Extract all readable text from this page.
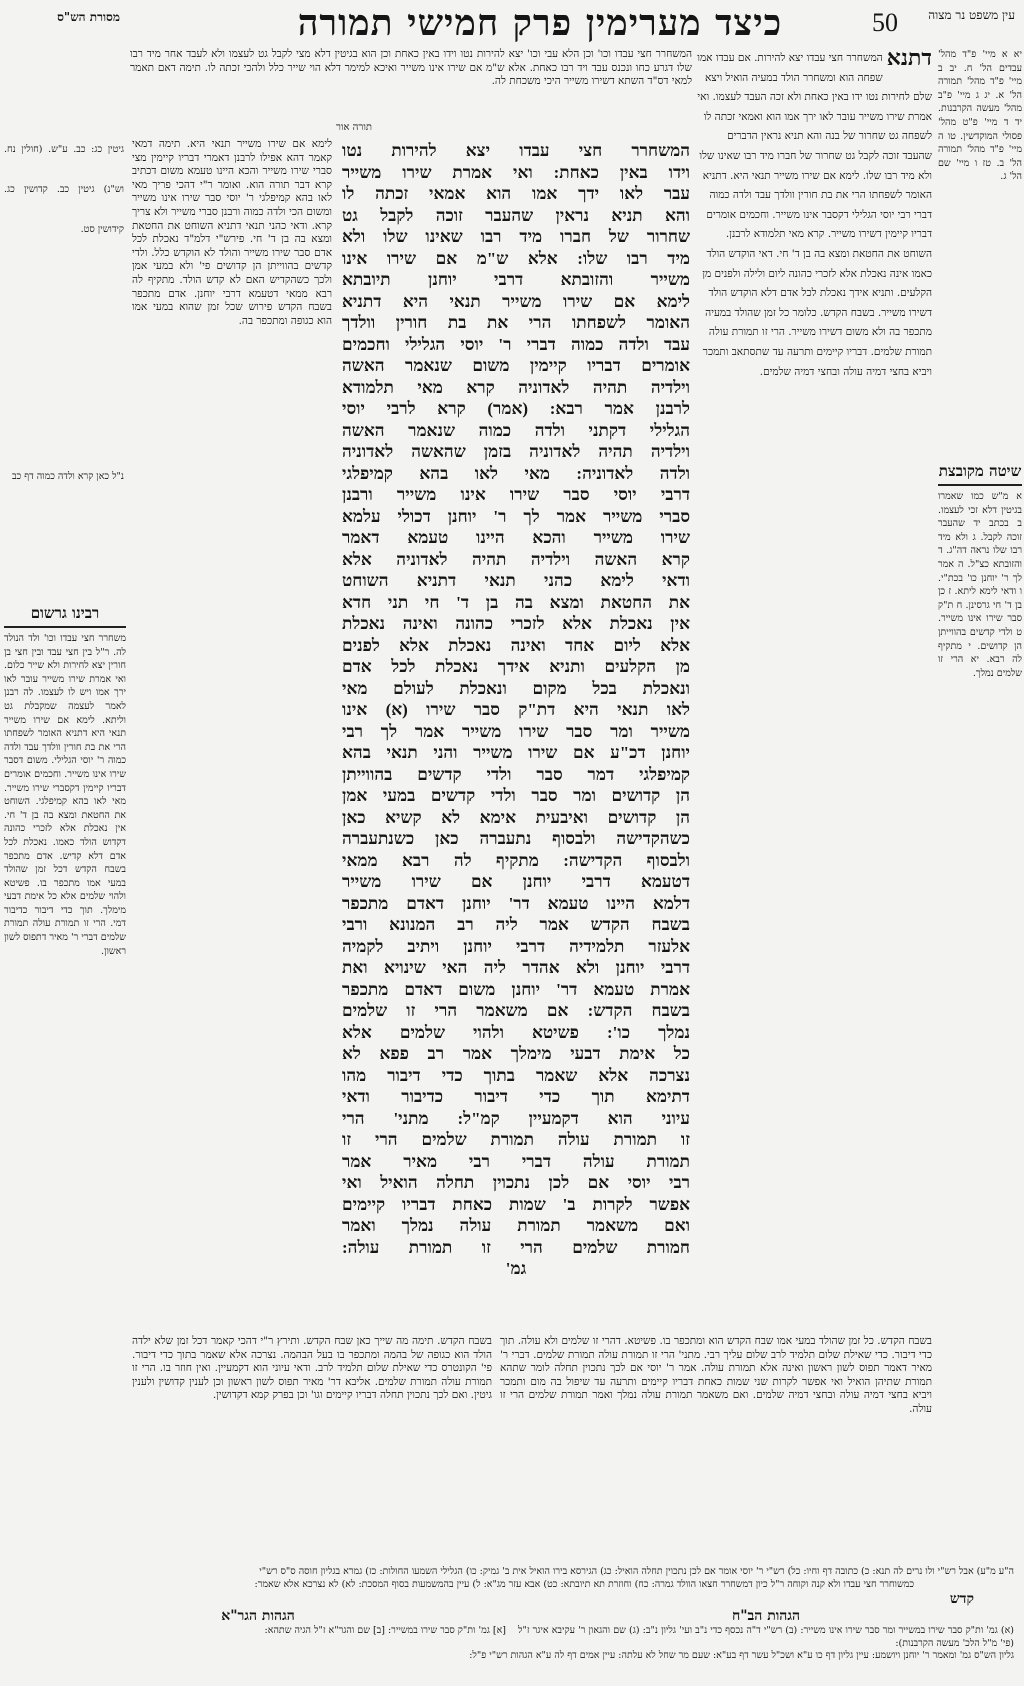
מסורת הש"ס	כיצד מערימין פרק חמישי תמורה	50	עין משפט נר מצוה
המשחרר חצי עבדו וכו' וכן הלא עבי וכו' יצא להירות נטו וידו באין כאחת וכן הוא בגיטין דלא מצי לקבל גט לעצמו ולא לעבד אחר מיד רבו שלו דגרע כחו ונכנס עבד ויד רבו כאחת. אלא ש"מ אם שירו אינו משייר ואיכא למימר דלא הוי שייר כלל ולהכי זכתה לו. תימה דאם תאמר למאי דס"ד השתא דשירו משייר היכי משכחת לה.
תורה אור
לימא אם שירו משייר תנאי היא. תימה דמאי קאמר דהא אפילו לרבנן דאמרי דבריו קיימין מצי סברי שירו משייר והכא היינו טעמא משום דכתיב קרא דבר תורה הוא. ואומר ר"י דהכי פריך מאי לאו בהא קמיפלגי ר' יוסי סבר שירו אינו משייר ומשום הכי ולדה כמוה ורבנן סברי משייר ולא צריך קרא. ודאי כהני תנאי דתניא השוחט את החטאת ומצא בה בן ד' חי. פירש"י דלמ"ד נאכלת לכל אדם סבר שירו משייר והולד לא הוקדש כלל. ולדי קדשים בהווייתן הן קדושים פי' ולא במעי אמן ולכך כשהקדיש האם לא קדש הולד. מתקיף לה רבא ממאי דטעמא דרבי יוחנן. אדם מתכפר בשבח הקדש פירוש שכל זמן שהוא במעי אמו הוא כגופה ומתכפר בה.
המשחרר חצי עבדו יצא להירות נטו
וידו באין כאחת: ואי אמרת שירו משייר
עבר לאו ידך אמו הוא אמאי זכתה לו
והא תניא נראין שהעבר זוכה לקבל גט
שחרור של חברו מיד רבו שאינו שלו ולא
מיד רבו שלו: אלא ש"מ אם שירו אינו
משייר והזובתא דרבי יוחנן תיובתא
לימא אם שירו משייר תנאי היא דתניא
האומר לשפחתו הרי את בת חורין וולדך
עבד ולדה כמוה דברי ר' יוסי הגלילי וחכמים
אומרים דבריו קיימין משום שנאמר האשה
וילדיה תהיה לאדוניה קרא מאי תלמודא
לרבנן אמר רבא: (אמר) קרא לרבי יוסי
הגלילי דקתני ולדה כמוה שנאמר האשה
וילדיה תהיה לאדוניה בזמן שהאשה לאדוניה
ולדה לאדוניה: מאי לאו בהא קמיפלגי
דרבי יוסי סבר שירו אינו משייר ורבנן
סברי משייר אמר לך ר' יוחנן דכולי עלמא
שירו משייר והכא היינו טעמא דאמר
קרא האשה וילדיה תהיה לאדוניה אלא
ודאי לימא כהני תנאי דתניא השוחט
את החטאת ומצא בה בן ד' חי תני חדא
אין נאכלת אלא לזכרי כהונה ואינה נאכלת
אלא ליום אחד ואינה נאכלת אלא לפנים
מן הקלעים ותניא אידך נאכלת לכל אדם
ונאכלת בכל מקום ונאכלת לעולם מאי
לאו תנאי היא דת"ק סבר שירו (א) אינו
משייר ומר סבר שירו משייר אמר לך רבי
יוחנן דכ"ע אם שירו משייר והני תנאי בהא
קמיפלגי דמר סבר ולדי קדשים בהווייתן
הן קדושים ומר סבר ולדי קדשים במעי אמן
הן קדושים ואיבעית אימא לא קשיא כאן
כשהקדישה ולבסוף נתעברה כאן כשנתעברה
ולבסוף הקדישה: מתקיף לה רבא ממאי
דטעמא דרבי יוחנן אם שירו משייר
דלמא היינו טעמא דר' יוחנן דאדם מתכפר
בשבח הקדש אמר ליה רב המנונא ורבי
אלעזר תלמידיה דרבי יוחנן ויתיב לקמיה
דרבי יוחנן ולא אהדר ליה האי שינויא ואת
אמרת טעמא דר' יוחנן משום דאדם מתכפר
בשבח הקדש: אם משאמר הרי זו שלמים
נמלך כו': פשיטא ולהוי שלמים אלא
כל אימת דבעי מימלך אמר רב פפא לא
נצרכה אלא שאמר בתוך כדי דיבור מהו
דתימא תוך כדי דיבור כדיבור ודאי
עיוני הוא דקמעיין קמ"ל: מתני' הרי
זו תמורת עולה תמורת שלמים הרי זו
תמורת עולה דברי רבי מאיר אמר
רבי יוסי אם לכן נתכוין תחלה הואיל ואי
אפשר לקרות ב' שמות כאחת דבריו קיימים
ואם משאמר תמורת עולה נמלך ואמר
חמורת שלמים הרי זו תמורת עולה:
גמ'
דתנא
המשחרר חצי עבדו יצא להירות. אם עבדו אמו שפחה הוא ומשחרר הולד במעיה הואיל ויצא שלם לחירות נטו ידו באין כאחת ולא זכה העבד לעצמו. ואי אמרת שירו משייר עובר לאו ירך אמו הוא ואמאי זכתה לו לשפחה גט שחרור של בנה והא תניא נראין הדברים שהעבד זוכה לקבל גט שחרור של חברו מיד רבו שאינו שלו ולא מיד רבו שלו. לימא אם שירו משייר תנאי היא. דתניא האומר לשפחתו הרי את בת חורין וולדך עבד ולדה כמוה דברי רבי יוסי הגלילי דקסבר אינו משייר. וחכמים אומרים דבריו קיימין דשירו משייר. קרא מאי תלמודא לרבנן. השוחט את החטאת ומצא בה בן ד' חי. דאי הוקדש הולד כאמו אינה נאכלת אלא לזכרי כהונה ליום ולילה ולפנים מן הקלעים. ותניא אידך נאכלת לכל אדם דלא הוקדש הולד דשירו משייר. בשבח הקדש. כלומר כל זמן שהולד במעיה מתכפר בה ולא משום דשירו משייר. הרי זו תמורת עולה תמורת שלמים. דבריו קיימים ותרעה עד שתסתאב ותמכר ויביא בחצי דמיה עולה ובחצי דמיה שלמים.
יא א מיי' פ"ד מהל' עבדים הל' ח. יב ב מיי' פ"ד מהל' תמורה הל' א. יג ג מיי' פ"ב מהל' מעשה הקרבנות. יד ד מיי' פ"ט מהל' פסולי המוקדשין. טו ה מיי' פ"ד מהל' תמורה הל' ב. טז ו מיי' שם הל' ג.
שיטה מקובצת
א מ"ש כמו שאמרו בגיטין דלא זכי לעצמו. ב בכתב יד שהעבר זוכה לקבל. ג ולא מיד רבו שלו נראה דה"ג. ד והזובתא כצ"ל. ה אמר לך ר' יוחנן כו' בכת"י. ו ודאי לימא ליתא. ז כן בן ד' חי גרסינן. ח ת"ק סבר שירו אינו משייר. ט ולדי קדשים בהווייתן הן קדושים. י מתקיף לה רבא. יא הרי זו שלמים נמלך.
גיטין כג: כב. ע"ש. (חולין נח. וש"נ) גיטין כב. קדושין כג. קידושין סט.
נ"ל כאן קרא ולדה כמוה דף כב
רבינו גרשום
משחרר חצי עבדו וכו' ולד הנולד לה. ר"ל בין חצי עבד ובין חצי בן חורין יצא לחירות ולא שייר כלום. ואי אמרת שירו משייר עובר לאו ירך אמו ויש לו לעצמו. לה רבנן לאמר לעצמה שמקבלת גט וליתא. לימא אם שירו משייר תנאי היא דתניא האומר לשפחתו הרי את בת חורין וולדך עבד ולדה כמוה ר' יוסי הגלילי. משום דסבר שירו אינו משייר. וחכמים אומרים דבריו קיימין דקסברי שירו משייר. מאי לאו בהא קמיפלגי. השוחט את החטאת ומצא בה בן ד' חי. אין נאכלת אלא לזכרי כהונה דקדוש הולד כאמו. נאכלת לכל אדם דלא קדיש. אדם מתכפר בשבח הקדש דכל זמן שהולד במעי אמו מתכפר בו. פשיטא ולהוי שלמים אלא כל אימת דבעי מימלך. תוך כדי דיבור כדיבור דמי. הרי זו תמורת עולה תמורת שלמים דברי ר' מאיר דתפוס לשון ראשון.
בשבח הקדש. תימה מה שייך כאן שבח הקדש. ותירץ ר"י דהכי קאמר דכל זמן שלא ילדה הולד הוא כגופה של בהמה ומתכפר בו בעל הבהמה. נצרכה אלא שאמר בתוך כדי דיבור. פי' הקונטרס כדי שאילת שלום תלמיד לרב. ודאי עיוני הוא דקמעיין. ואין חוזר בו. הרי זו תמורת עולה תמורת שלמים. אליבא דר' מאיר תפוס לשון ראשון וכן לענין קדושין ולענין גיטין. ואם לכך נתכוין תחלה דבריו קיימים וגו' וכן בפרק קמא דקדושין.
בשבח הקדש. כל זמן שהולד במעי אמו שבח הקדש הוא ומתכפר בו. פשיטא. דהרי זו שלמים ולא עולה. תוך כדי דיבור. כדי שאילת שלום תלמיד לרב שלום עליך רבי. מתני' הרי זו תמורת עולה תמורת שלמים. דברי ר' מאיר דאמר תפוס לשון ראשון ואינה אלא תמורת עולה. אמר ר' יוסי אם לכך נתכוין תחלה לומר שתהא תמורת שתיהן הואיל ואי אפשר לקרות שני שמות כאחת דבריו קיימים ותרעה עד שיפול בה מום ותמכר ויביא בחצי דמיה עולה ובחצי דמיה שלמים. ואם משאמר תמורת עולה נמלך ואמר תמורת שלמים הרי זו עולה.
ה"ע מ"ע) אבל רש"י ולו נרים לה תנא: כ) כתובה דף וחיו: כל) רש"י ר' יוסי אומר אם לכן נתכוין תחלה הואיל: כג) הגירסא בירו הואיל אית ב' גמיק: כו) הגלילי השמעו החולות: כז) גמרא בגליון חוסה ס"ס רש"י
כמשוחרר חצי עבדו ולא קנה וקוחה ר"ל כיון דמשחרר חצאו הוולד גמרה: כח) וחוזרת תא תיובתא: כט) אבא עזר מג"א: ל) עיין בהמשמעות בסוף המסכת: לא) לא נצרכא אלא שאמר:
קדש
הגהות הב"ח
הגהות הגר"א
(א) גמ' ות"ק סבר שירו במשייר ומר סבר שירו אינו משייר: (ב) רש"י ד"ה נכסף כדי נ"ב ועי' גליון נ"ב: (ג) שם והגאון ר' עקיבא איגר ז"ל (פי' מ"ל הלכ' מעשה הקרבנות):
[א] גמ' ות"ק סבר שירו במשייר: [ב] שם והגר"א ז"ל הגיה שתהא:
גליון הש"ס גמ' ומאמר ר' יוחנן ויושמע: עיין גליון דף כו ע"א ושכ"ל עשר דף בע"א: שעם מר שחל לא עלתה: עיין אמים דף לה ע"א הגהות רש"י פ"ל:
